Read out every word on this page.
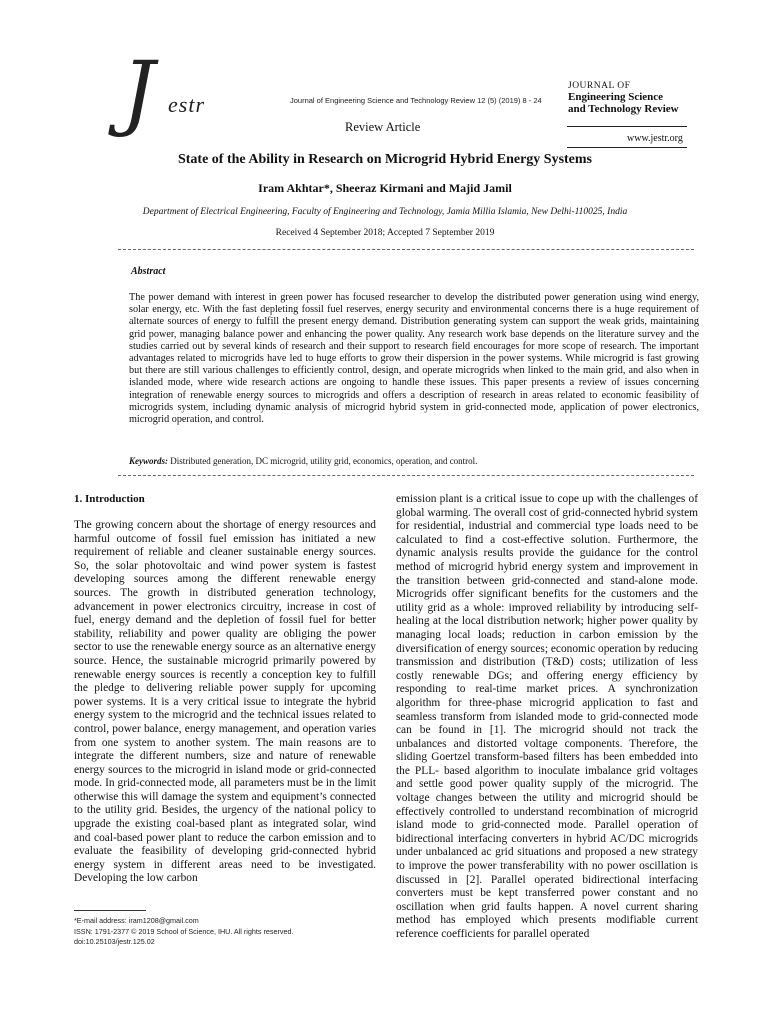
J estr	Journal of Engineering Science and Technology Review 12 (5) (2019) 8 - 24
Review Article
JOURNAL OF
Engineering Science
and Technology Review
www.jestr.org
State of the Ability in Research on Microgrid Hybrid Energy Systems
Iram Akhtar*, Sheeraz Kirmani and Majid Jamil
Department of Electrical Engineering, Faculty of Engineering and Technology, Jamia Millia Islamia, New Delhi-110025, India
Received 4 September 2018; Accepted 7 September 2019
Abstract
The power demand with interest in green power has focused researcher to develop the distributed power generation using wind energy, solar energy, etc. With the fast depleting fossil fuel reserves, energy security and environmental concerns there is a huge requirement of alternate sources of energy to fulfill the present energy demand. Distribution generating system can support the weak grids, maintaining grid power, managing balance power and enhancing the power quality. Any research work base depends on the literature survey and the studies carried out by several kinds of research and their support to research field encourages for more scope of research. The important advantages related to microgrids have led to huge efforts to grow their dispersion in the power systems. While microgrid is fast growing but there are still various challenges to efficiently control, design, and operate microgrids when linked to the main grid, and also when in islanded mode, where wide research actions are ongoing to handle these issues. This paper presents a review of issues concerning integration of renewable energy sources to microgrids and offers a description of research in areas related to economic feasibility of microgrids system, including dynamic analysis of microgrid hybrid system in grid-connected mode, application of power electronics, microgrid operation, and control.
Keywords: Distributed generation, DC microgrid, utility grid, economics, operation, and control.
1. Introduction
The growing concern about the shortage of energy resources and harmful outcome of fossil fuel emission has initiated a new requirement of reliable and cleaner sustainable energy sources. So, the solar photovoltaic and wind power system is fastest developing sources among the different renewable energy sources. The growth in distributed generation technology, advancement in power electronics circuitry, increase in cost of fuel, energy demand and the depletion of fossil fuel for better stability, reliability and power quality are obliging the power sector to use the renewable energy source as an alternative energy source. Hence, the sustainable microgrid primarily powered by renewable energy sources is recently a conception key to fulfill the pledge to delivering reliable power supply for upcoming power systems. It is a very critical issue to integrate the hybrid energy system to the microgrid and the technical issues related to control, power balance, energy management, and operation varies from one system to another system. The main reasons are to integrate the different numbers, size and nature of renewable energy sources to the microgrid in island mode or grid-connected mode. In grid-connected mode, all parameters must be in the limit otherwise this will damage the system and equipment’s connected to the utility grid. Besides, the urgency of the national policy to upgrade the existing coal-based plant as integrated solar, wind and coal-based power plant to reduce the carbon emission and to evaluate the feasibility of developing grid-connected hybrid energy system in different areas need to be investigated. Developing the low carbon
emission plant is a critical issue to cope up with the challenges of global warming. The overall cost of grid-connected hybrid system for residential, industrial and commercial type loads need to be calculated to find a cost-effective solution. Furthermore, the dynamic analysis results provide the guidance for the control method of microgrid hybrid energy system and improvement in the transition between grid-connected and stand-alone mode. Microgrids offer significant benefits for the customers and the utility grid as a whole: improved reliability by introducing self-healing at the local distribution network; higher power quality by managing local loads; reduction in carbon emission by the diversification of energy sources; economic operation by reducing transmission and distribution (T&D) costs; utilization of less costly renewable DGs; and offering energy efficiency by responding to real-time market prices. A synchronization algorithm for three-phase microgrid application to fast and seamless transform from islanded mode to grid-connected mode can be found in [1]. The microgrid should not track the unbalances and distorted voltage components. Therefore, the sliding Goertzel transform-based filters has been embedded into the PLL- based algorithm to inoculate imbalance grid voltages and settle good power quality supply of the microgrid. The voltage changes between the utility and microgrid should be effectively controlled to understand recombination of microgrid island mode to grid-connected mode. Parallel operation of bidirectional interfacing converters in hybrid AC/DC microgrids under unbalanced ac grid situations and proposed a new strategy to improve the power transferability with no power oscillation is discussed in [2]. Parallel operated bidirectional interfacing converters must be kept transferred power constant and no oscillation when grid faults happen. A novel current sharing method has employed which presents modifiable current reference coefficients for parallel operated
*E-mail address: iram1208@gmail.com
ISSN: 1791-2377 © 2019 School of Science, IHU. All rights reserved.
doi:10.25103/jestr.125.02
